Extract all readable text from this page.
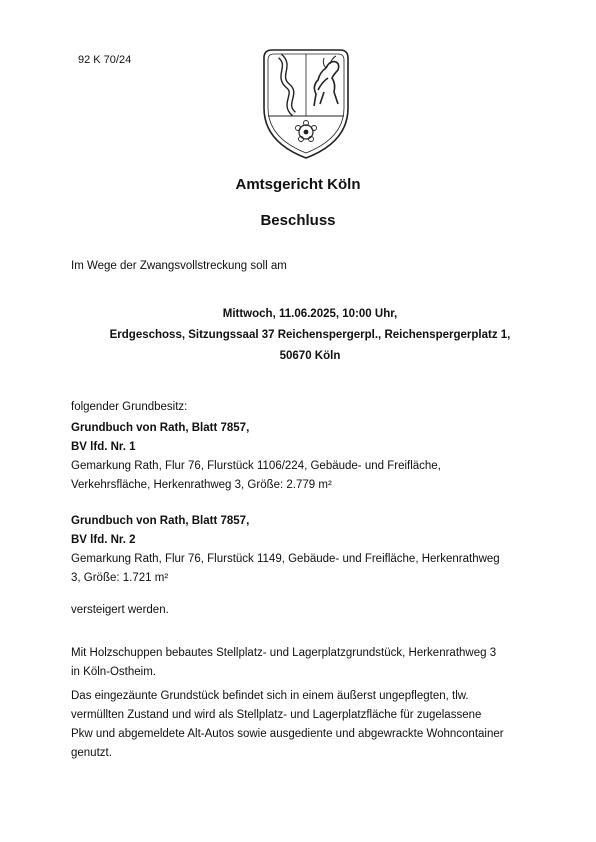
92 K 70/24
Amtsgericht Köln
Beschluss
Im Wege der Zwangsvollstreckung soll am
Mittwoch, 11.06.2025, 10:00 Uhr,
Erdgeschoss, Sitzungssaal 37 Reichenspergerpl., Reichenspergerplatz 1,
50670 Köln
folgender Grundbesitz:
Grundbuch von Rath, Blatt 7857,
BV lfd. Nr. 1
Gemarkung Rath, Flur 76, Flurstück 1106/224, Gebäude- und Freifläche,
Verkehrsfläche, Herkenrathweg 3, Größe: 2.779 m²
Grundbuch von Rath, Blatt 7857,
BV lfd. Nr. 2
Gemarkung Rath, Flur 76, Flurstück 1149, Gebäude- und Freifläche, Herkenrathweg
3, Größe: 1.721 m²
versteigert werden.
Mit Holzschuppen bebautes Stellplatz- und Lagerplatzgrundstück, Herkenrathweg 3
in Köln-Ostheim.
Das eingezäunte Grundstück befindet sich in einem äußerst ungepflegten, tlw.
vermüllten Zustand und wird als Stellplatz- und Lagerplatzfläche für zugelassene
Pkw und abgemeldete Alt-Autos sowie ausgediente und abgewrackte Wohncontainer
genutzt.
